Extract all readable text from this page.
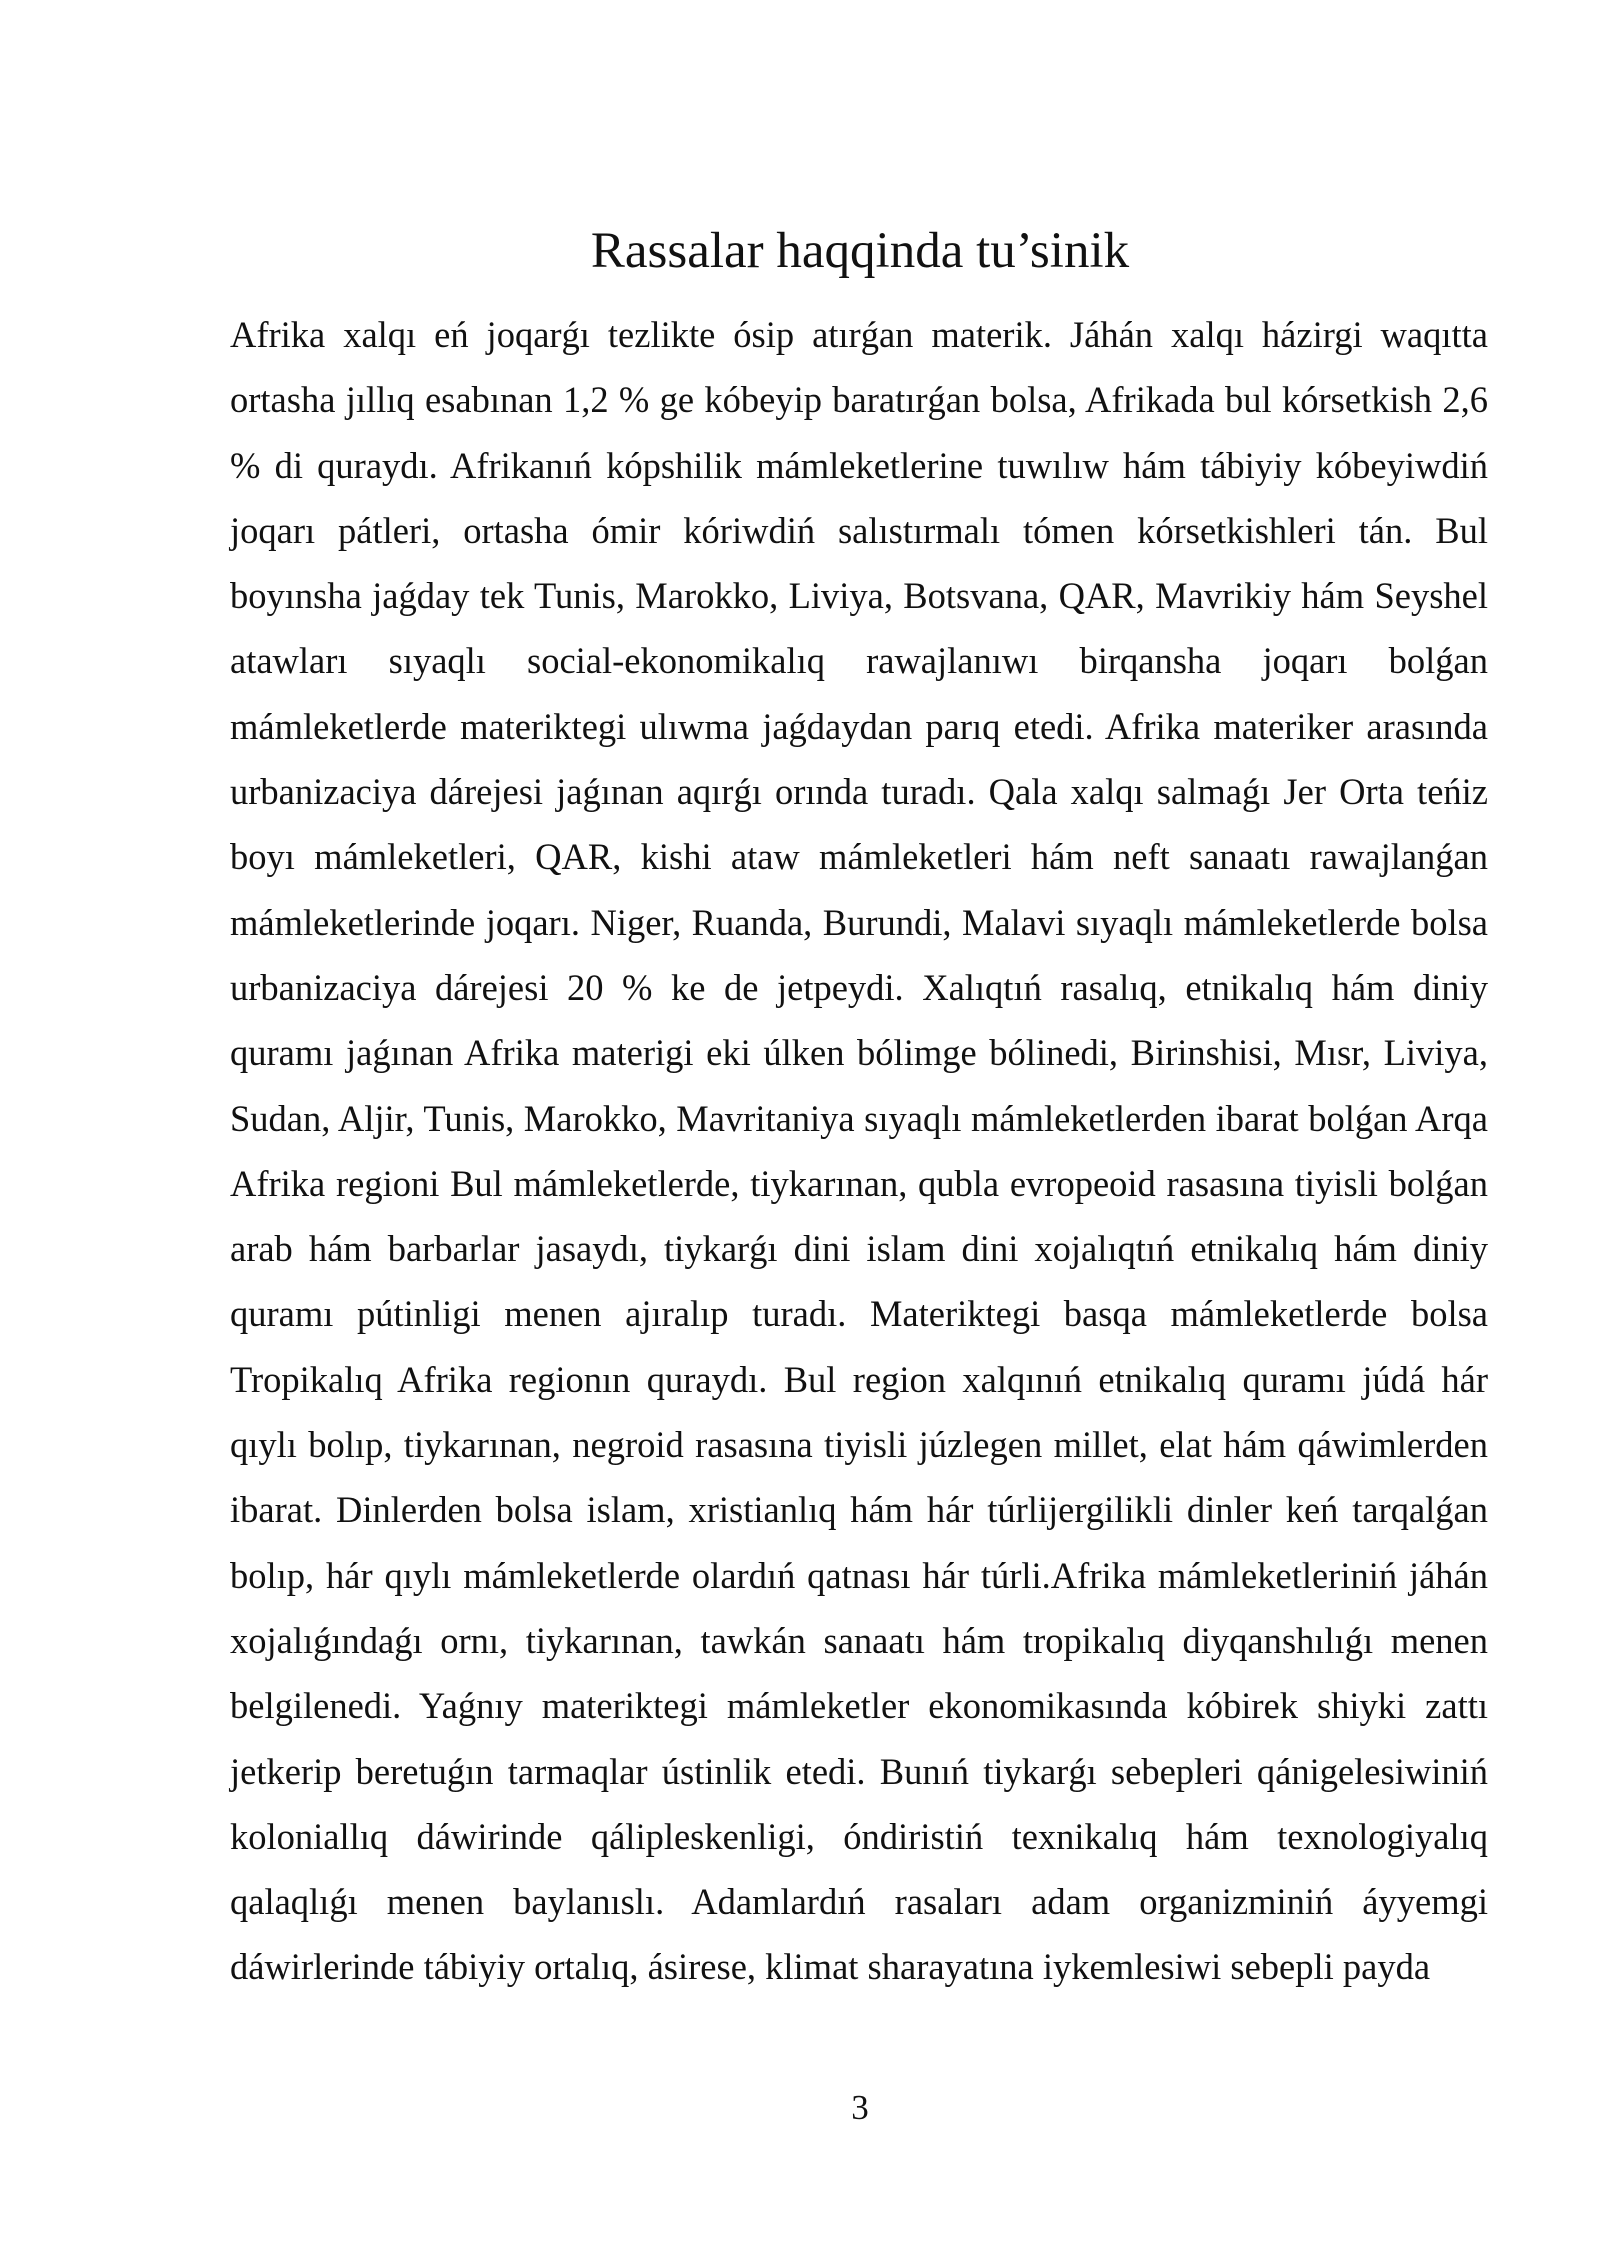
Rassalar haqqinda tu’sinik

Afrika xalqı eń joqarǵı tezlikte ósip atırǵan materik. Jáhán xalqı házirgi waqıtta ortasha jıllıq esabınan 1,2 % ge kóbeyip baratırǵan bolsa, Afrikada bul kórsetkish 2,6 % di quraydı. Afrikanıń kópshilik mámleketlerine tuwılıw hám tábiyiy kóbeyiwdiń joqarı pátleri, ortasha ómir kóriwdiń salıstırmalı tómen kórsetkishleri tán. Bul boyınsha jaǵday tek Tunis, Marokko, Liviya, Botsvana, QAR, Mavrikiy hám Seyshel atawları sıyaqlı social-ekonomikalıq rawajlanıwı birqansha joqarı bolǵan mámleketlerde materiktegi ulıwma jaǵdaydan parıq etedi. Afrika materiker arasında urbanizaciya dárejesi jaǵınan aqırǵı orında turadı. Qala xalqı salmaǵı Jer Orta teńiz boyı mámleketleri, QAR, kishi ataw mámleketleri hám neft sanaatı rawajlanǵan mámleketlerinde joqarı. Niger, Ruanda, Burundi, Malavi sıyaqlı mámleketlerde bolsa urbanizaciya dárejesi 20 % ke de jetpeydi. Xalıqtıń rasalıq, etnikalıq hám diniy quramı jaǵınan Afrika materigi eki úlken bólimge bólinedi, Birinshisi, Mısr, Liviya, Sudan, Aljir, Tunis, Marokko, Mavritaniya sıyaqlı mámleketlerden ibarat bolǵan Arqa Afrika regioni Bul mámleketlerde, tiykarınan, qubla evropeoid rasasına tiyisli bolǵan arab hám barbarlar jasaydı, tiykarǵı dini islam dini xojalıqtıń etnikalıq hám diniy quramı pútinligi menen ajıralıp turadı. Materiktegi basqa mámleketlerde bolsa Tropikalıq Afrika regionın quraydı. Bul region xalqınıń etnikalıq quramı júdá hár qıylı bolıp, tiykarınan, negroid rasasına tiyisli júzlegen millet, elat hám qáwimlerden ibarat. Dinlerden bolsa islam, xristianlıq hám hár túrlijergilikli dinler keń tarqalǵan bolıp, hár qıylı mámleketlerde olardıń qatnası hár túrli.Afrika mámleketleriniń jáhán xojalıǵındaǵı ornı, tiykarınan, tawkán sanaatı hám tropikalıq diyqanshılıǵı menen belgilenedi. Yaǵnıy materiktegi mámleketler ekonomikasında kóbirek shiyki zattı jetkerip beretuǵın tarmaqlar ústinlik etedi. Bunıń tiykarǵı sebepleri qánigelesiwiniń koloniallıq dáwirinde qálipleskenligi, óndiristiń texnikalıq hám texnologiyalıq qalaqlıǵı menen baylanıslı. Adamlardıń rasaları adam organizminiń áyyemgi dáwirlerinde tábiyiy ortalıq, ásirese, klimat sharayatına iykemlesiwi sebepli payda

3
